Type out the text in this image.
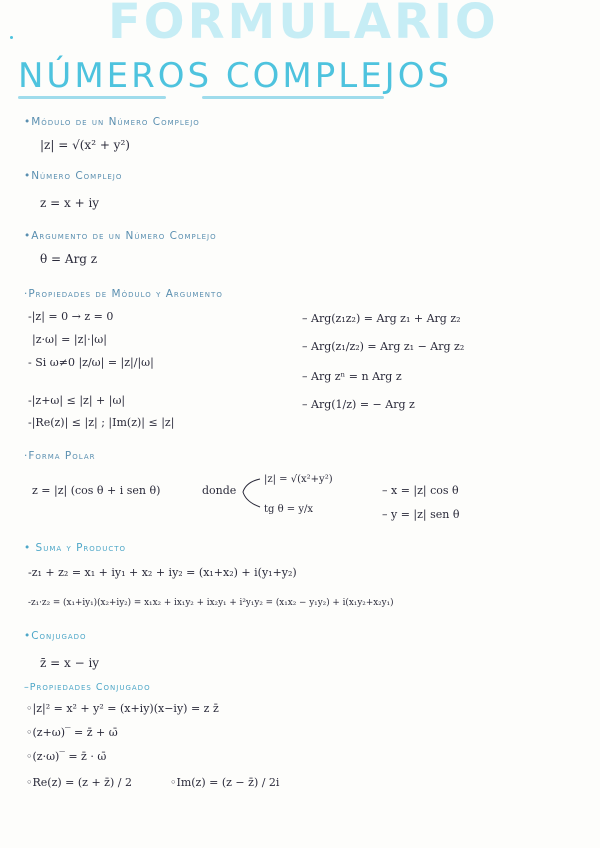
FORMULARIO
NÚMEROS COMPLEJOS
•Módulo de un Número Complejo
|z| = √(x² + y²)
•Número Complejo
z = x + iy
•Argumento de un Número Complejo
θ = Arg z
·Propiedades de Módulo y Argumento
-|z| = 0 → z = 0
|z·ω| = |z|·|ω|
- Si ω≠0 |z/ω| = |z|/|ω|
-|z+ω| ≤ |z| + |ω|
-|Re(z)| ≤ |z| ; |Im(z)| ≤ |z|
– Arg(z₁z₂) = Arg z₁ + Arg z₂
– Arg(z₁/z₂) = Arg z₁ − Arg z₂
– Arg zⁿ = n Arg z
– Arg(1/z) = − Arg z
·Forma Polar
z = |z| (cos θ + i sen θ)	donde
|z| = √(x²+y²)
tg θ = y/x
– x = |z| cos θ
– y = |z| sen θ
• Suma y Producto
-z₁ + z₂ = x₁ + iy₁ + x₂ + iy₂ = (x₁+x₂) + i(y₁+y₂)
-z₁·z₂ = (x₁+iy₁)(x₂+iy₂) = x₁x₂ + ix₁y₂ + ix₂y₁ + i²y₁y₂ = (x₁x₂ − y₁y₂) + i(x₁y₂+x₂y₁)
•Conjugado
z̄ = x − iy
–Propiedades Conjugado
◦|z|² = x² + y² = (x+iy)(x−iy) = z z̄
◦(z+ω)‾ = z̄ + ω̄
◦(z·ω)‾ = z̄ · ω̄
◦Re(z) = (z + z̄) / 2	◦Im(z) = (z − z̄) / 2i
